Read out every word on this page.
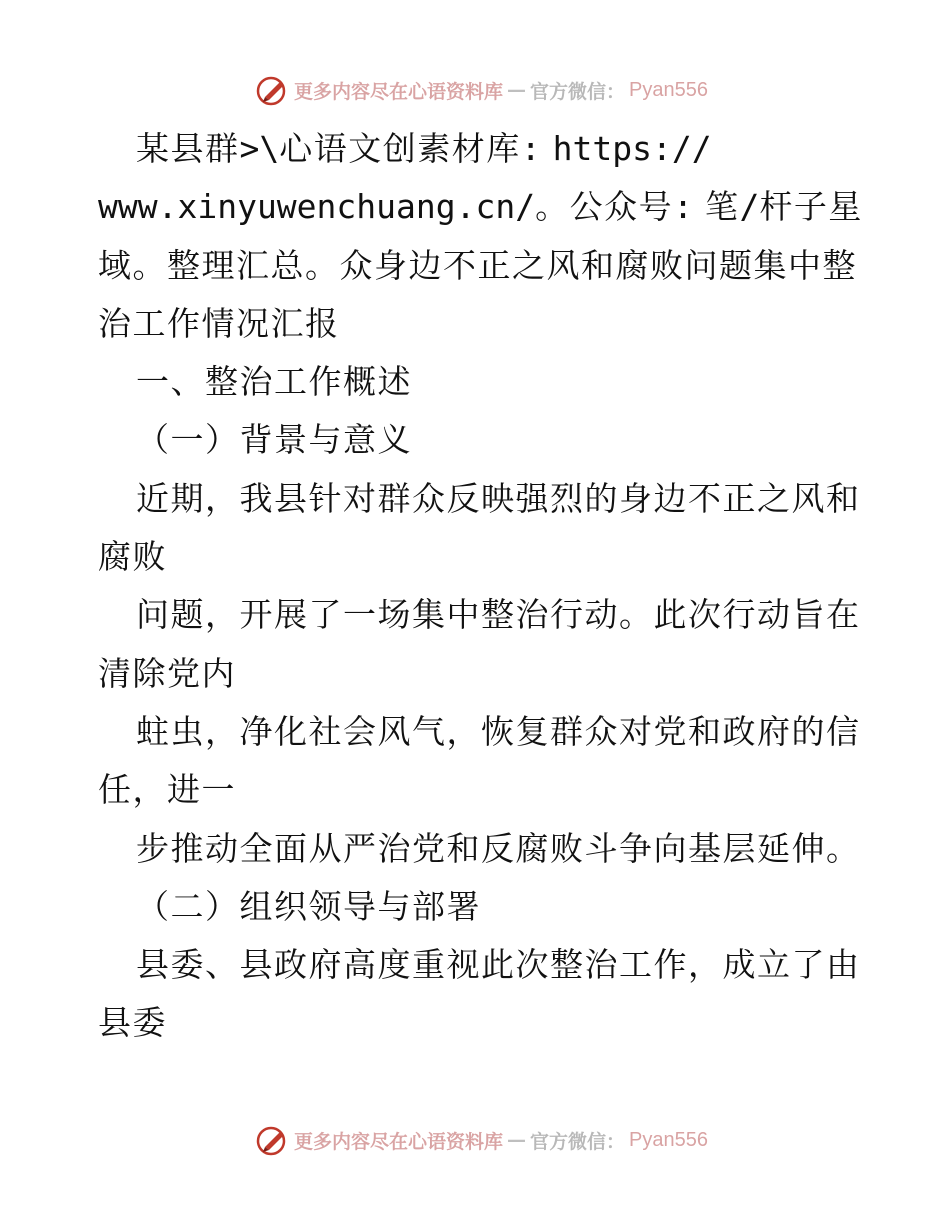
更多内容尽在心语资料库 — 官方微信： Pyan556
某县群>\心语文创素材库: https://
www.xinyuwenchuang.cn/。公众号: 笔/杆子星
域。整理汇总。众身边不正之风和腐败问题集中整
治工作情况汇报
一、整治工作概述
（一）背景与意义
近期，我县针对群众反映强烈的身边不正之风和
腐败
问题，开展了一场集中整治行动。此次行动旨在
清除党内
蛀虫，净化社会风气，恢复群众对党和政府的信
任，进一
步推动全面从严治党和反腐败斗争向基层延伸。
（二）组织领导与部署
县委、县政府高度重视此次整治工作，成立了由
县委
更多内容尽在心语资料库 — 官方微信： Pyan556
